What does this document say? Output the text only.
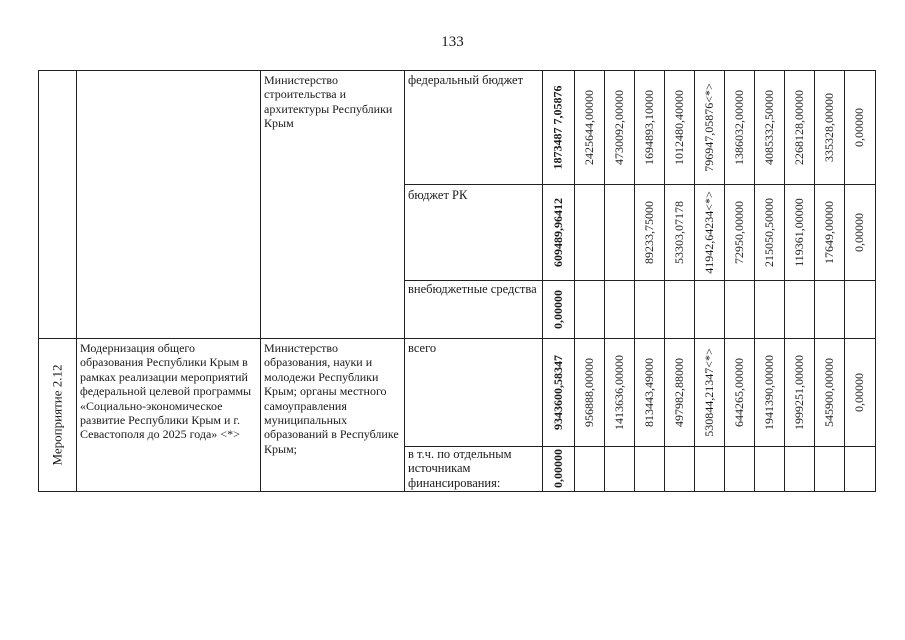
133
Министерство строительства и архитектуры Республики Крым
федеральный бюджет
1873487 7,05876 2425644,00000 4730092,00000 1694893,10000 1012480,40000 796947,05876<*> 1386032,00000 4085332,50000 2268128,00000 335328,00000 0,00000
бюджет РК
609489,96412	89233,75000 53303,07178 41942,64234<*> 72950,00000 215050,50000 119361,00000 17649,00000 0,00000
внебюджетные средства
0,00000
Мероприятие 2.12
Модернизация общего образования Республики Крым в рамках реализации мероприятий федеральной целевой программы «Социально-экономическое развитие Республики Крым и г. Севастополя до 2025 года» <*>
Министерство образования, науки и молодежи Республики Крым; органы местного самоуправления муниципальных образований в Республике Крым;
всего
9343600,58347 956888,00000 1413636,00000 813443,49000 497982,88000 530844,21347<*> 644265,00000 1941390,00000 1999251,00000 545900,00000 0,00000
в т.ч. по отдельным источникам финансирования:	0,00000
